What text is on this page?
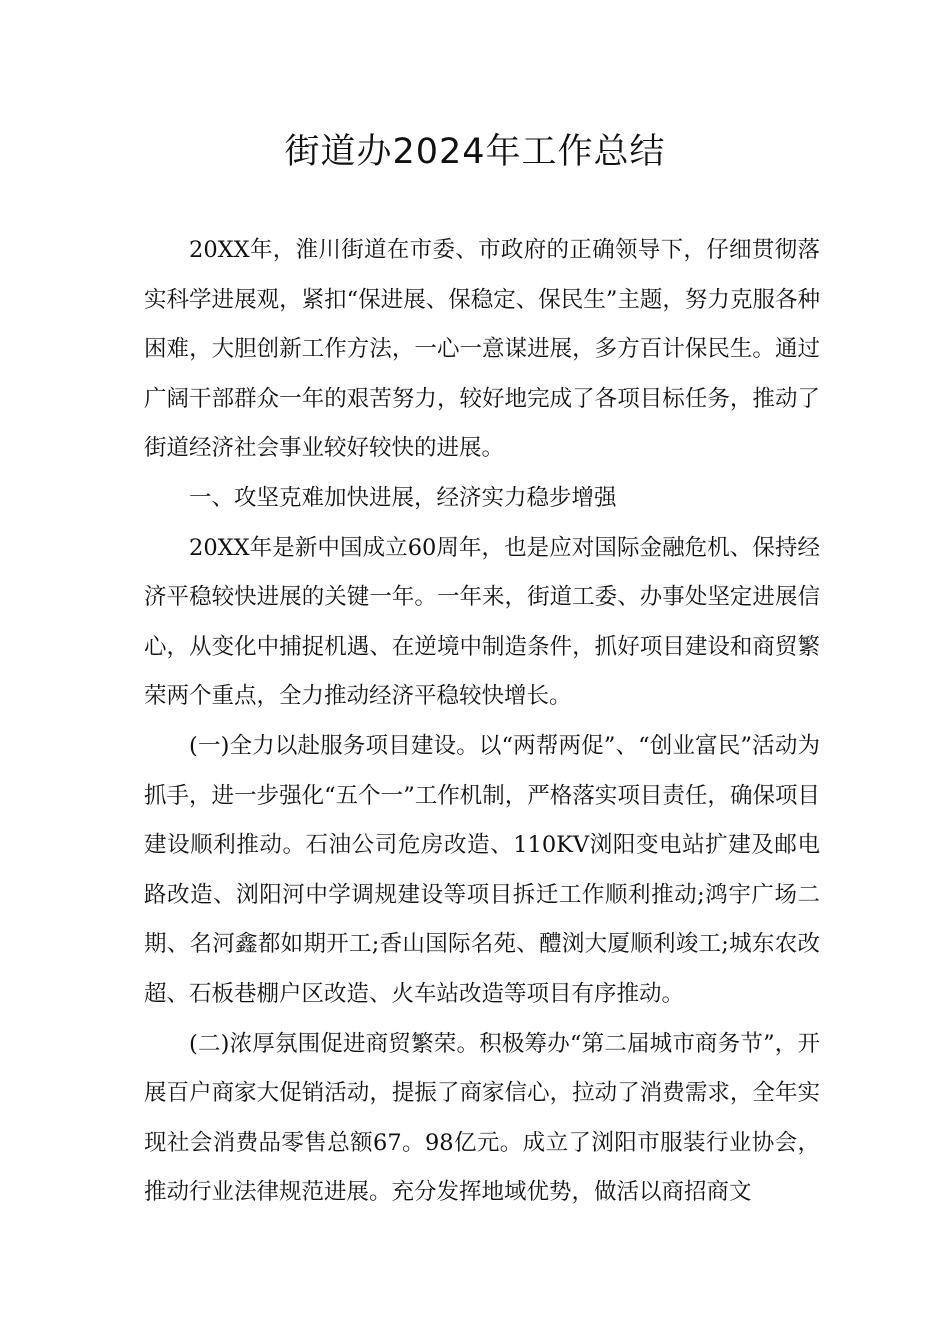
街道办2024年工作总结

20XX年，淮川街道在市委、市政府的正确领导下，仔细贯彻落实科学进展观，紧扣“保进展、保稳定、保民生”主题，努力克服各种困难，大胆创新工作方法，一心一意谋进展，多方百计保民生。通过广阔干部群众一年的艰苦努力，较好地完成了各项目标任务，推动了街道经济社会事业较好较快的进展。

一、攻坚克难加快进展，经济实力稳步增强

20XX年是新中国成立60周年，也是应对国际金融危机、保持经济平稳较快进展的关键一年。一年来，街道工委、办事处坚定进展信心，从变化中捕捉机遇、在逆境中制造条件，抓好项目建设和商贸繁荣两个重点，全力推动经济平稳较快增长。

(一)全力以赴服务项目建设。以“两帮两促”、“创业富民”活动为抓手，进一步强化“五个一”工作机制，严格落实项目责任，确保项目建设顺利推动。石油公司危房改造、110KV浏阳变电站扩建及邮电路改造、浏阳河中学调规建设等项目拆迁工作顺利推动;鸿宇广场二期、名河鑫都如期开工;香山国际名苑、醴浏大厦顺利竣工;城东农改超、石板巷棚户区改造、火车站改造等项目有序推动。

(二)浓厚氛围促进商贸繁荣。积极筹办“第二届城市商务节”，开展百户商家大促销活动，提振了商家信心，拉动了消费需求，全年实现社会消费品零售总额67。98亿元。成立了浏阳市服装行业协会，推动行业法律规范进展。充分发挥地域优势，做活以商招商文
